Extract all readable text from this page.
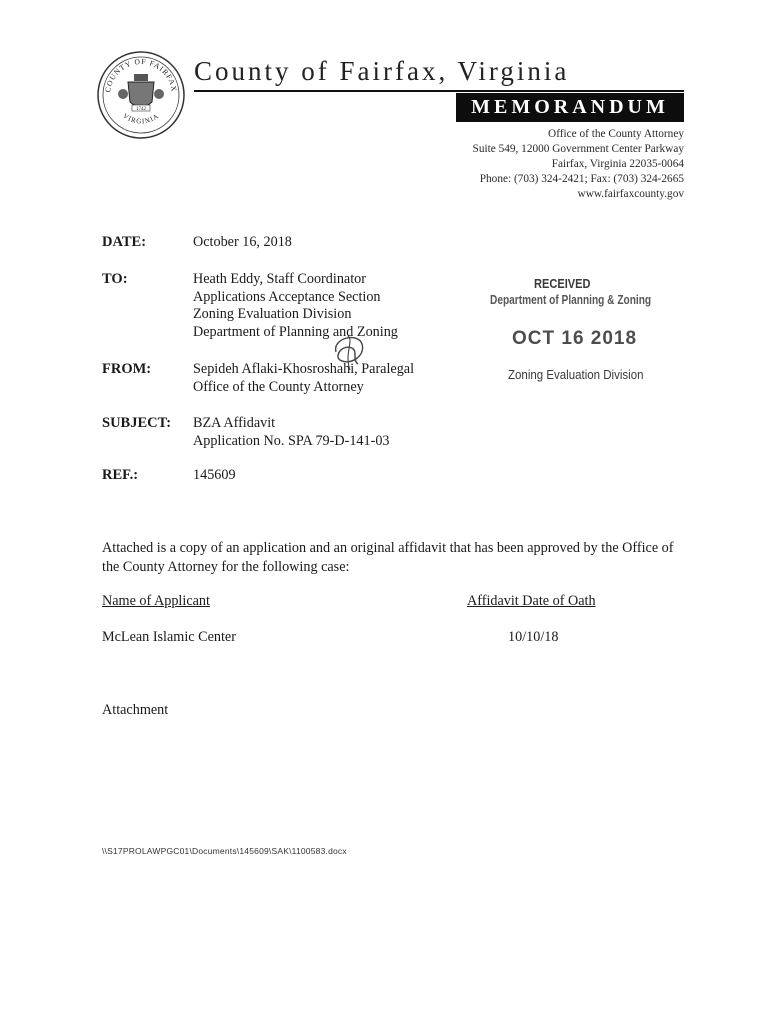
COUNTY OF FAIRFAX
VIRGINIA
1742
County of Fairfax, Virginia
MEMORANDUM
Office of the County Attorney
Suite 549, 12000 Government Center Parkway
Fairfax, Virginia 22035-0064
Phone: (703) 324-2421; Fax: (703) 324-2665
www.fairfaxcounty.gov
DATE:	October 16, 2018
TO:	Heath Eddy, Staff Coordinator
Applications Acceptance Section
Zoning Evaluation Division
Department of Planning and Zoning
FROM:	Sepideh Aflaki-Khosroshahi, Paralegal
Office of the County Attorney
SUBJECT: BZA Affidavit
Application No. SPA 79-D-141-03
REF.:	145609
RECEIVED
Department of Planning & Zoning
OCT 16 2018
Zoning Evaluation Division
Attached is a copy of an application and an original affidavit that has been approved by the Office of the County Attorney for the following case:
Name of Applicant	Affidavit Date of Oath
McLean Islamic Center	10/10/18
Attachment
\\S17PROLAWPGC01\Documents\145609\SAK\1100583.docx
